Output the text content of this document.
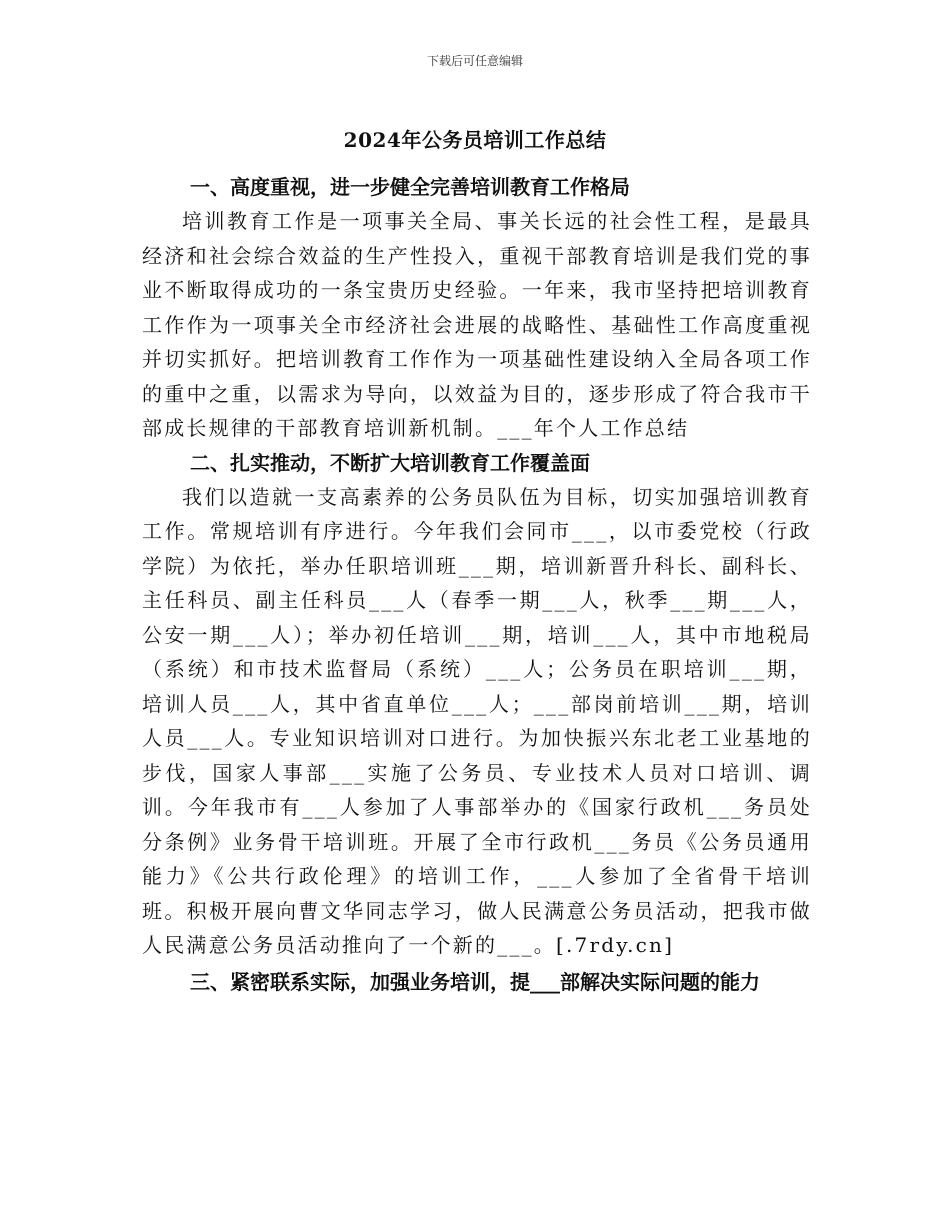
下载后可任意编辑
2024年公务员培训工作总结

一、高度重视，进一步健全完善培训教育工作格局

培训教育工作是一项事关全局、事关长远的社会性工程，是最具经济和社会综合效益的生产性投入，重视干部教育培训是我们党的事业不断取得成功的一条宝贵历史经验。一年来，我市坚持把培训教育工作作为一项事关全市经济社会进展的战略性、基础性工作高度重视并切实抓好。把培训教育工作作为一项基础性建设纳入全局各项工作的重中之重，以需求为导向，以效益为目的，逐步形成了符合我市干部成长规律的干部教育培训新机制。___年个人工作总结

二、扎实推动，不断扩大培训教育工作覆盖面

我们以造就一支高素养的公务员队伍为目标，切实加强培训教育工作。常规培训有序进行。今年我们会同市___，以市委党校（行政学院）为依托，举办任职培训班___期，培训新晋升科长、副科长、主任科员、副主任科员___人（春季一期___人，秋季___期___人，公安一期___人）；举办初任培训___期，培训___人，其中市地税局（系统）和市技术监督局（系统）___人；公务员在职培训___期，培训人员___人，其中省直单位___人；___部岗前培训___期，培训人员___人。专业知识培训对口进行。为加快振兴东北老工业基地的步伐，国家人事部___实施了公务员、专业技术人员对口培训、调训。今年我市有___人参加了人事部举办的《国家行政机___务员处分条例》业务骨干培训班。开展了全市行政机___务员《公务员通用能力》《公共行政伦理》的培训工作，___人参加了全省骨干培训班。积极开展向曹文华同志学习，做人民满意公务员活动，把我市做人民满意公务员活动推向了一个新的___。[.7rdy.cn]

三、紧密联系实际，加强业务培训，提___部解决实际问题的能力
